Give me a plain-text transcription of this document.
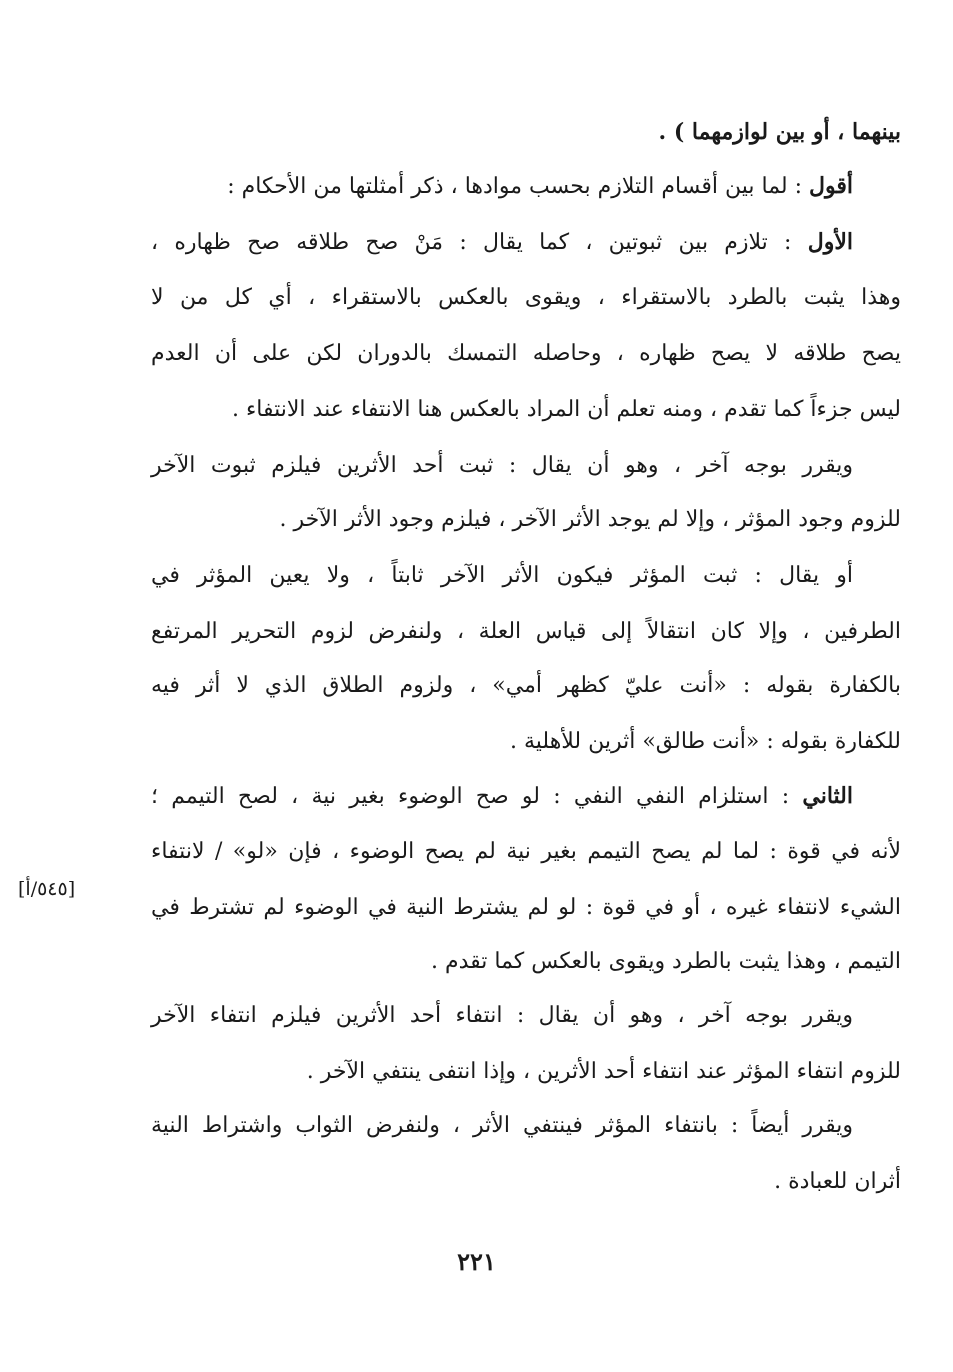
بينهما ، أو بين لوازمهما ) .
أقول : لما بين أقسام التلازم بحسب موادها ، ذكر أمثلتها من الأحكام :
الأول : تلازم بين ثبوتين ، كما يقال : مَنْ صح طلاقه صح ظهاره ،
وهذا يثبت بالطرد بالاستقراء ، ويقوى بالعكس بالاستقراء ، أي كل من لا
يصح طلاقه لا يصح ظهاره ، وحاصله التمسك بالدوران لكن على أن العدم
ليس جزءاً كما تقدم ، ومنه تعلم أن المراد بالعكس هنا الانتفاء عند الانتفاء .
ويقرر بوجه آخر ، وهو أن يقال : ثبت أحد الأثرين فيلزم ثبوت الآخر
للزوم وجود المؤثر ، وإلا لم يوجد الأثر الآخر ، فيلزم وجود الأثر الآخر .
أو يقال : ثبت المؤثر فيكون الأثر الآخر ثابتاً ، ولا يعين المؤثر في
الطرفين ، وإلا كان انتقالاً إلى قياس العلة ، ولنفرض لزوم التحرير المرتفع
بالكفارة بقوله : «أنت عليّ كظهر أمي» ، ولزوم الطلاق الذي لا أثر فيه
للكفارة بقوله : «أنت طالق» أثرين للأهلية .
الثاني : استلزام النفي النفي : لو صح الوضوء بغير نية ، لصح التيمم ؛
لأنه في قوة : لما لم يصح التيمم بغير نية لم يصح الوضوء ، فإن «لو» / لانتفاء
الشيء لانتفاء غيره ، أو في قوة : لو لم يشترط النية في الوضوء لم تشترط في
[٥٤٥/أ]
التيمم ، وهذا يثبت بالطرد ويقوى بالعكس كما تقدم .
ويقرر بوجه آخر ، وهو أن يقال : انتفاء أحد الأثرين فيلزم انتفاء الآخر
للزوم انتفاء المؤثر عند انتفاء أحد الأثرين ، وإذا انتفى ينتفي الآخر .
ويقرر أيضاً : بانتفاء المؤثر فينتفي الأثر ، ولنفرض الثواب واشتراط النية
أثران للعبادة .
٢٢١
